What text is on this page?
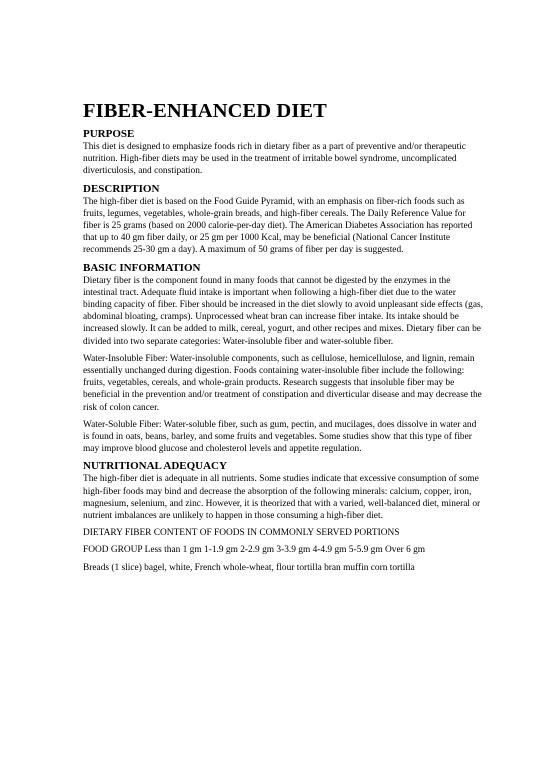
FIBER-ENHANCED DIET
PURPOSE

This diet is designed to emphasize foods rich in dietary fiber as a part of preventive and/or therapeutic nutrition. High-fiber diets may be used in the treatment of irritable bowel syndrome, uncomplicated diverticulosis, and constipation.

DESCRIPTION

The high-fiber diet is based on the Food Guide Pyramid, with an emphasis on fiber-rich foods such as fruits, legumes, vegetables, whole-grain breads, and high-fiber cereals. The Daily Reference Value for fiber is 25 grams (based on 2000 calorie-per-day diet). The American Diabetes Association has reported that up to 40 gm fiber daily, or 25 gm per 1000 Kcal, may be beneficial (National Cancer Institute recommends 25-30 gm a day). A maximum of 50 grams of fiber per day is suggested.

BASIC INFORMATION

Dietary fiber is the component found in many foods that cannot be digested by the enzymes in the intestinal tract. Adequate fluid intake is important when following a high-fiber diet due to the water binding capacity of fiber. Fiber should be increased in the diet slowly to avoid unpleasant side effects (gas, abdominal bloating, cramps). Unprocessed wheat bran can increase fiber intake. Its intake should be increased slowly. It can be added to milk, cereal, yogurt, and other recipes and mixes. Dietary fiber can be divided into two separate categories: Water-insoluble fiber and water-soluble fiber.

Water-Insoluble Fiber: Water-insoluble components, such as cellulose, hemicellulose, and lignin, remain essentially unchanged during digestion. Foods containing water-insoluble fiber include the following: fruits, vegetables, cereals, and whole-grain products. Research suggests that insoluble fiber may be beneficial in the prevention and/or treatment of constipation and diverticular disease and may decrease the risk of colon cancer.

Water-Soluble Fiber: Water-soluble fiber, such as gum, pectin, and mucilages, does dissolve in water and is found in oats, beans, barley, and some fruits and vegetables. Some studies show that this type of fiber may improve blood glucose and cholesterol levels and appetite regulation.

NUTRITIONAL ADEQUACY

The high-fiber diet is adequate in all nutrients. Some studies indicate that excessive consumption of some high-fiber foods may bind and decrease the absorption of the following minerals: calcium, copper, iron, magnesium, selenium, and zinc. However, it is theorized that with a varied, well-balanced diet, mineral or nutrient imbalances are unlikely to happen in those consuming a high-fiber diet.

DIETARY FIBER CONTENT OF FOODS IN COMMONLY SERVED PORTIONS

FOOD GROUP Less than 1 gm 1-1.9 gm 2-2.9 gm 3-3.9 gm 4-4.9 gm 5-5.9 gm Over 6 gm

Breads (1 slice) bagel, white, French whole-wheat, flour tortilla bran muffin corn tortilla
